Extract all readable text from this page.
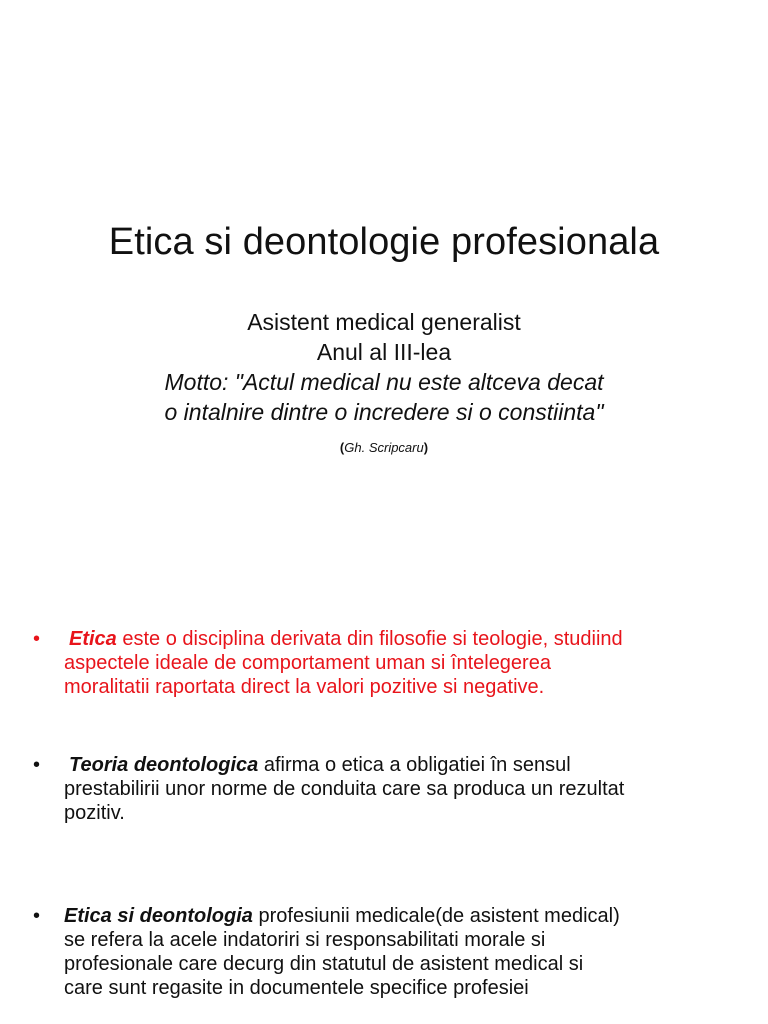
Etica si deontologie profesionala
Asistent medical generalist
Anul al III-lea
Motto: "Actul medical nu este altceva decat
o intalnire dintre o incredere si o constiinta"
(Gh. Scripcaru)
•	Etica este o disciplina derivata din filosofie si teologie, studiind
aspectele ideale de comportament uman si întelegerea
moralitatii raportata direct la valori pozitive si negative.
•	Teoria deontologica afirma o etica a obligatiei în sensul
prestabilirii unor norme de conduita care sa produca un rezultat
pozitiv.
•	Etica si deontologia profesiunii medicale(de asistent medical)
se refera la acele indatoriri si responsabilitati morale si
profesionale care decurg din statutul de asistent medical si
care sunt regasite in documentele specifice profesiei
